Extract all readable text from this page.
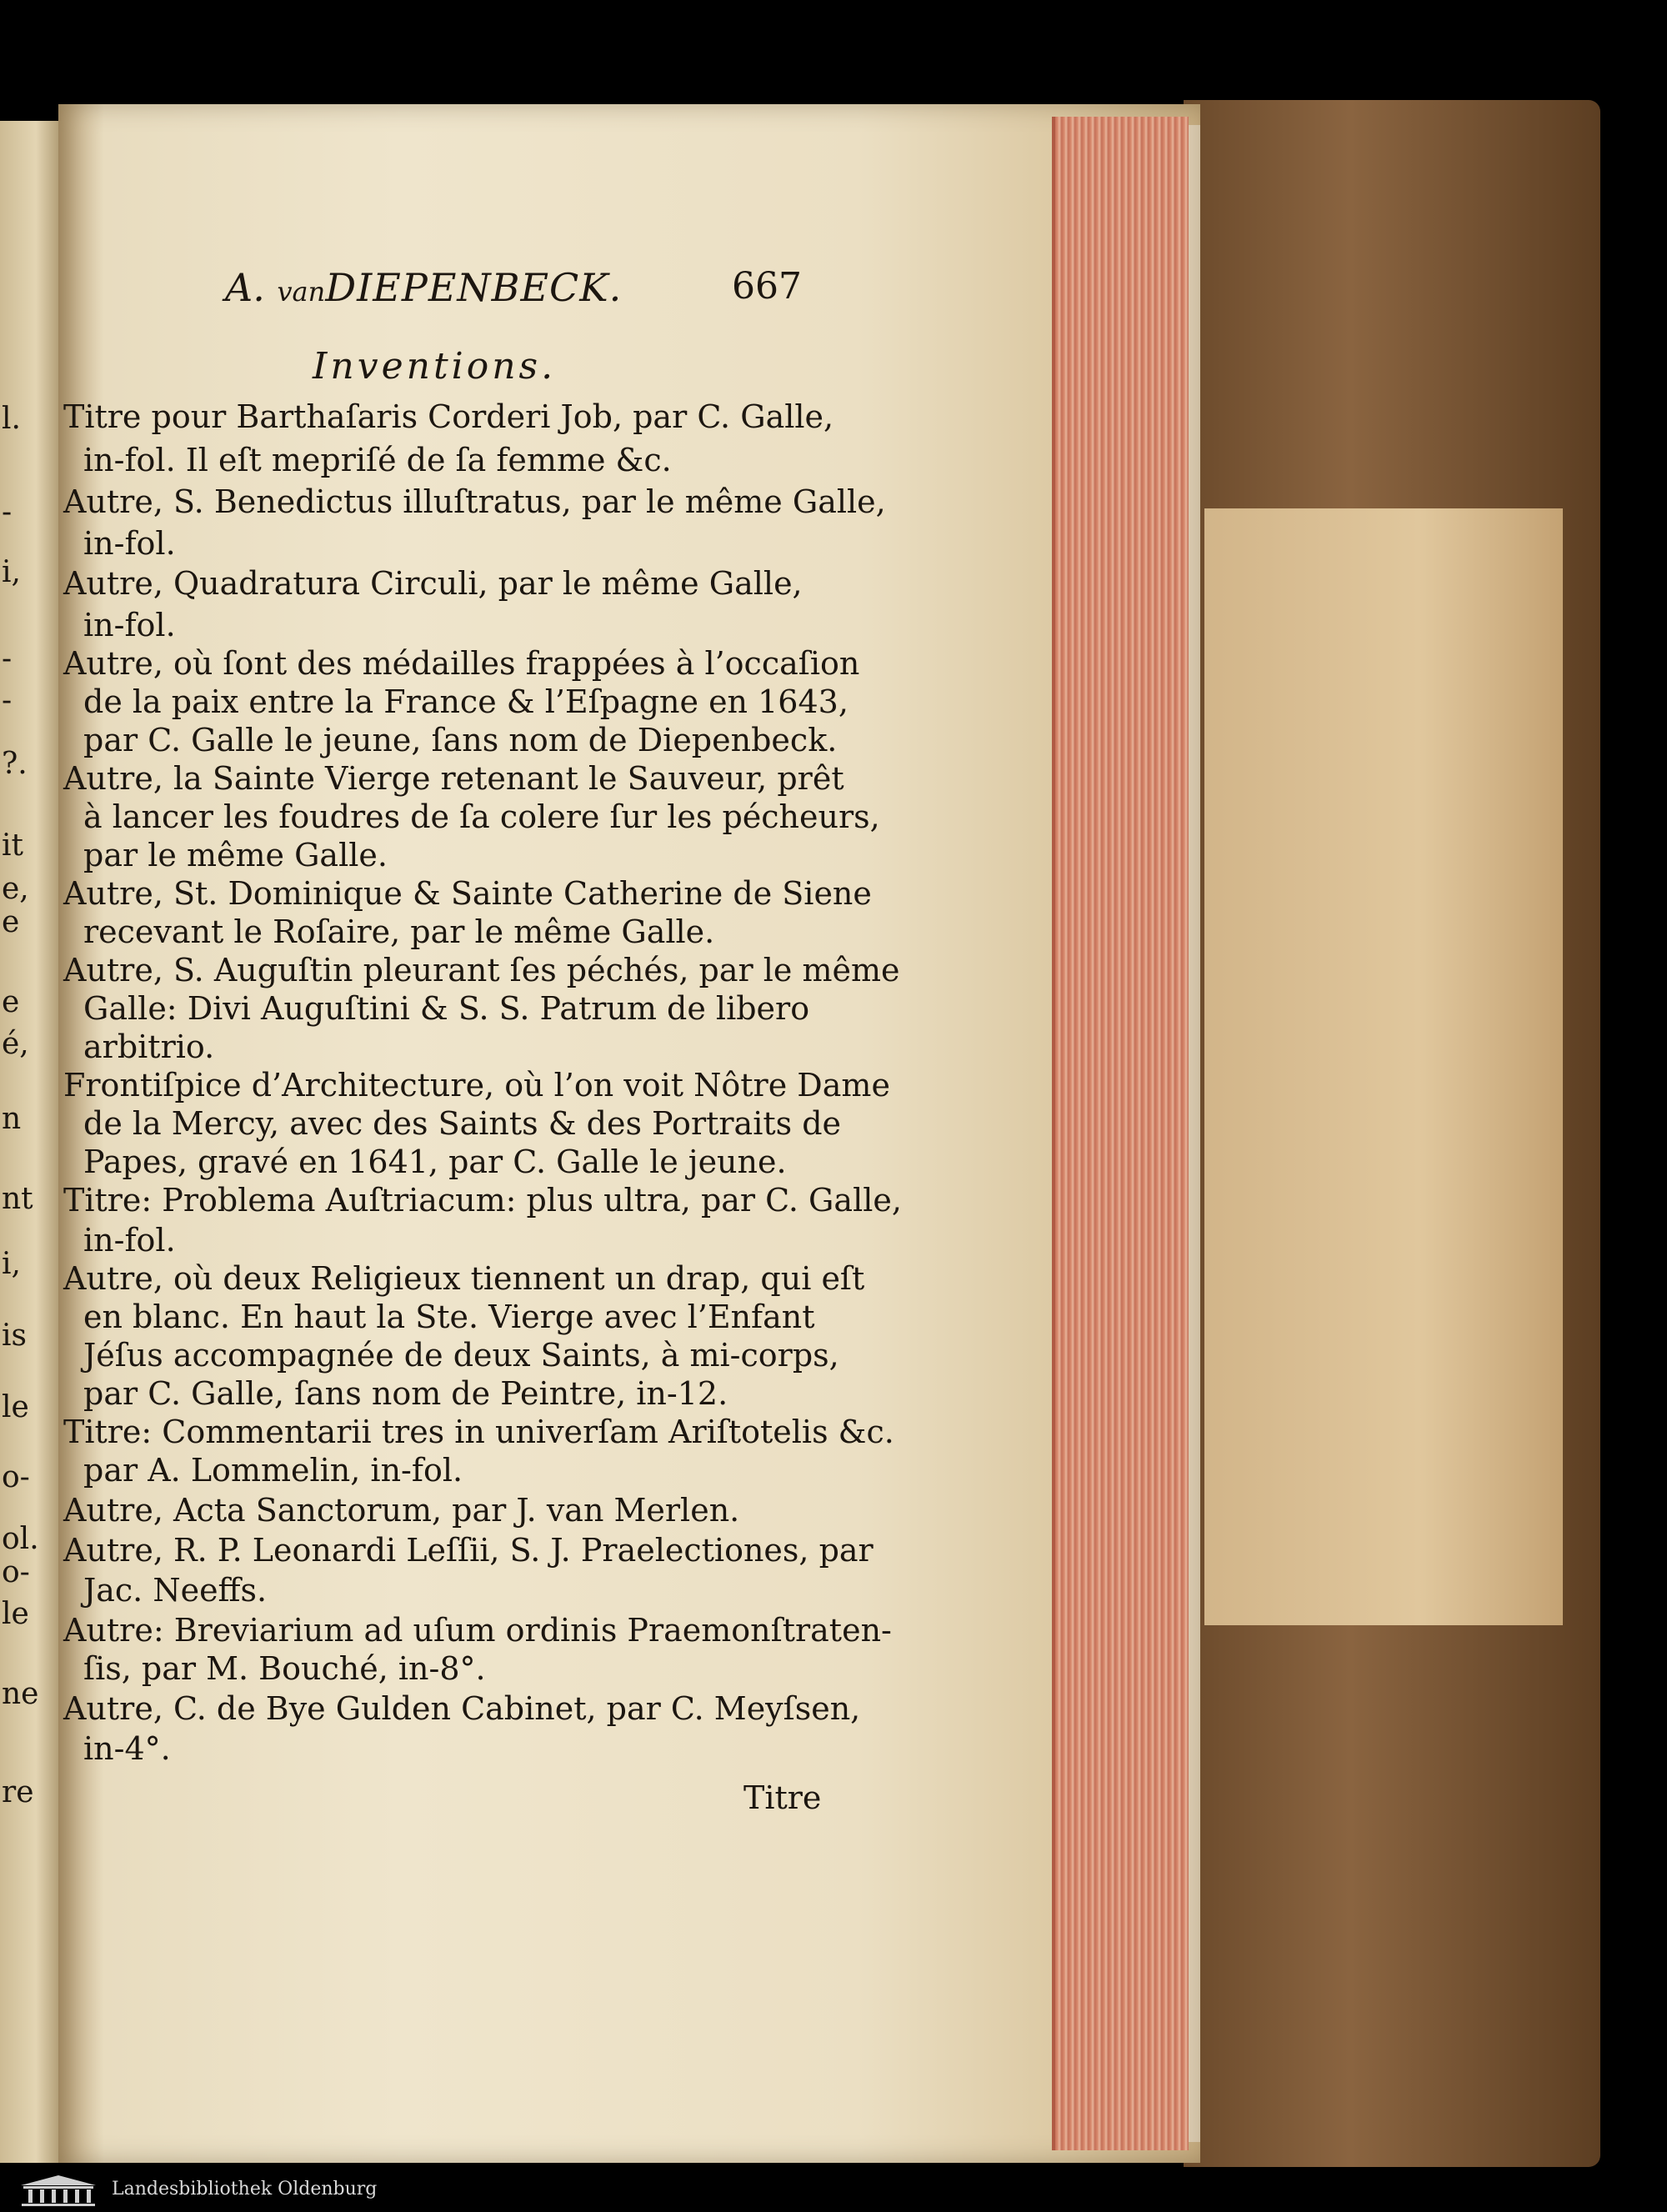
l.
-
i,
-
-
?.
it
e,
e
e
é,
n
nt
i,
is
le
o-
ol.
o-
le
ne
re
A. vanDIEPENBECK.	667
Inventions.
Titre pour Barthaſaris Corderi Job, par C. Galle,
in-fol. Il eſt mepriſé de ſa femme &c.
Autre, S. Benedictus illuſtratus, par le même Galle,
in-fol.
Autre, Quadratura Circuli, par le même Galle,
in-fol.
Autre, où ſont des médailles frappées à l’occaſion
de la paix entre la France & l’Eſpagne en 1643,
par C. Galle le jeune, ſans nom de Diepenbeck.
Autre, la Sainte Vierge retenant le Sauveur, prêt
à lancer les foudres de ſa colere ſur les pécheurs,
par le même Galle.
Autre, St. Dominique & Sainte Catherine de Siene
recevant le Roſaire, par le même Galle.
Autre, S. Auguſtin pleurant ſes péchés, par le même
Galle: Divi Auguſtini & S. S. Patrum de libero
arbitrio.
Frontiſpice d’Architecture, où l’on voit Nôtre Dame
de la Mercy, avec des Saints & des Portraits de
Papes, gravé en 1641, par C. Galle le jeune.
Titre: Problema Auſtriacum: plus ultra, par C. Galle,
in-fol.
Autre, où deux Religieux tiennent un drap, qui eſt
en blanc. En haut la Ste. Vierge avec l’Enfant
Jéſus accompagnée de deux Saints, à mi-corps,
par C. Galle, ſans nom de Peintre, in-12.
Titre: Commentarii tres in univerſam Ariſtotelis &c.
par A. Lommelin, in-fol.
Autre, Acta Sanctorum, par J. van Merlen.
Autre, R. P. Leonardi Leſſii, S. J. Praelectiones, par
Jac. Neeffs.
Autre: Breviarium ad uſum ordinis Praemonſtraten-
ſis, par M. Bouché, in-8°.
Autre, C. de Bye Gulden Cabinet, par C. Meyſsen,
in-4°.
Titre
Landesbibliothek Oldenburg
